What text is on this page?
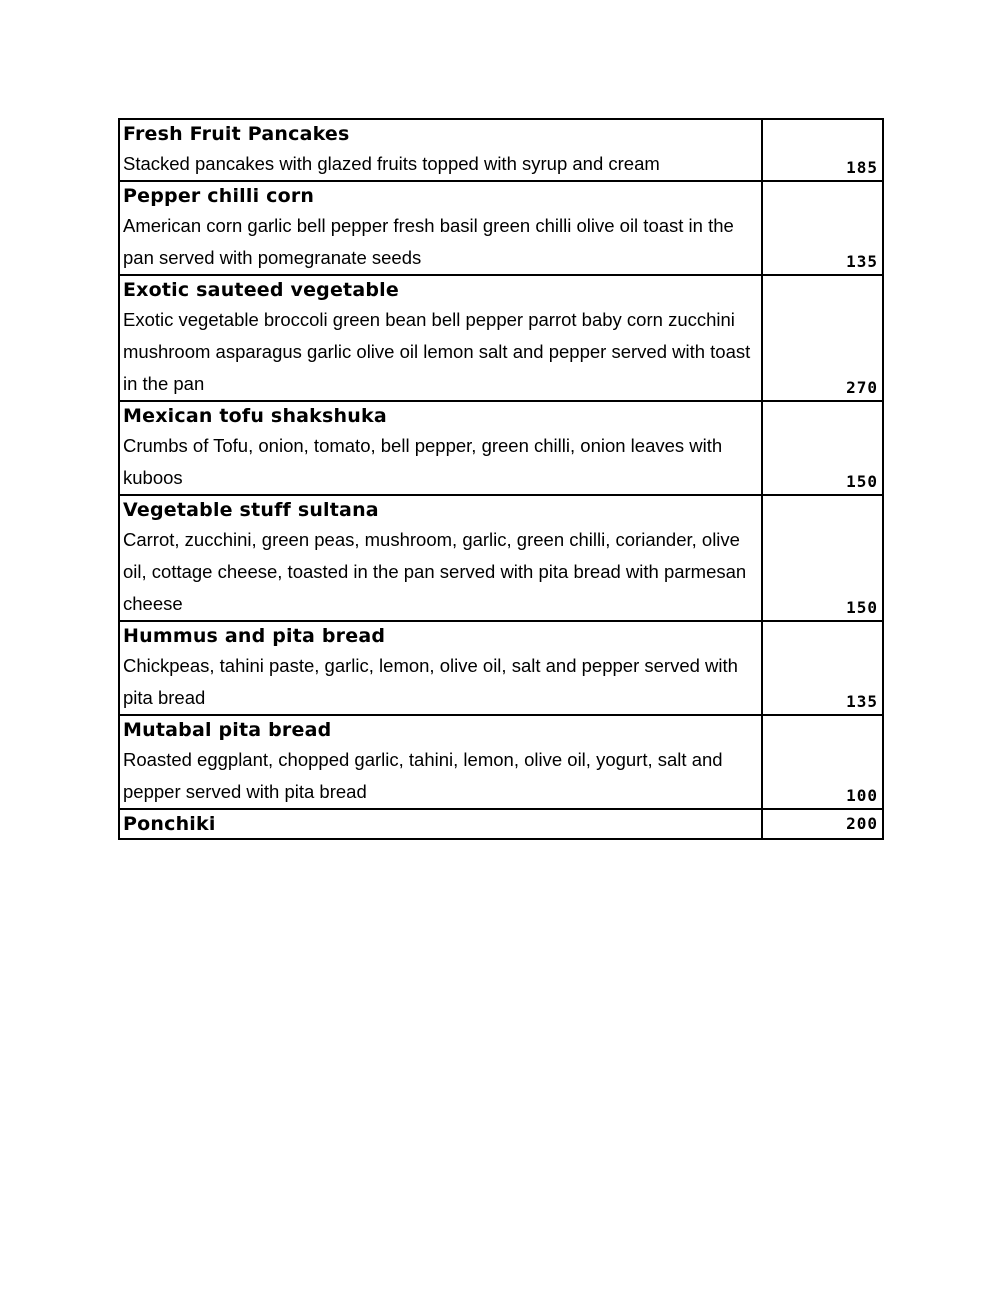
Fresh Fruit Pancakes
Stacked pancakes with glazed fruits topped with syrup and cream	185

Pepper chilli corn
American corn garlic bell pepper fresh basil green chilli olive oil toast in the pan served with pomegranate seeds	135

Exotic sauteed vegetable
Exotic vegetable broccoli green bean bell pepper parrot baby corn zucchini mushroom asparagus garlic olive oil lemon salt and pepper served with toast in the pan	270

Mexican tofu shakshuka
Crumbs of Tofu, onion, tomato, bell pepper, green chilli, onion leaves with kuboos	150

Vegetable stuff sultana
Carrot, zucchini, green peas, mushroom, garlic, green chilli, coriander, olive oil, cottage cheese, toasted in the pan served with pita bread with parmesan cheese	150

Hummus and pita bread
Chickpeas, tahini paste, garlic, lemon, olive oil, salt and pepper served with pita bread	135

Mutabal pita bread
Roasted eggplant, chopped garlic, tahini, lemon, olive oil, yogurt, salt and pepper served with pita bread	100

Ponchiki	200
